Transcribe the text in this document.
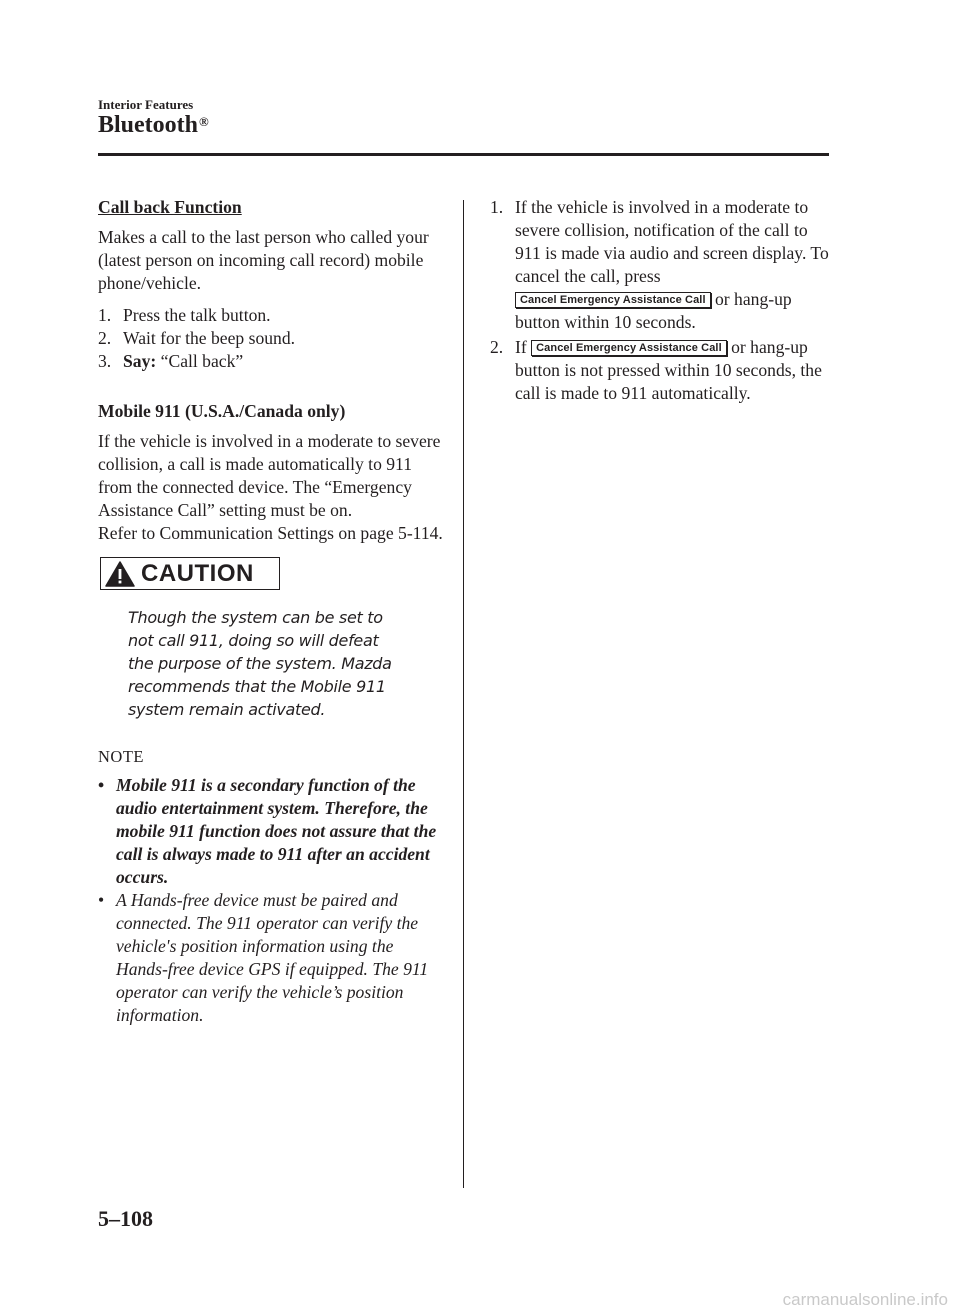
Interior Features
Bluetooth®

Call back Function

Makes a call to the last person who called your (latest person on incoming call record) mobile phone/vehicle.

1. Press the talk button.
2. Wait for the beep sound.
3. Say: “Call back”

Mobile 911 (U.S.A./Canada only)

If the vehicle is involved in a moderate to severe collision, a call is made automatically to 911 from the connected device. The “Emergency Assistance Call” setting must be on.

Refer to Communication Settings on page 5-114.

CAUTION

Though the system can be set to not call 911, doing so will defeat the purpose of the system. Mazda recommends that the Mobile 911 system remain activated.

NOTE

• Mobile 911 is a secondary function of the audio entertainment system. Therefore, the mobile 911 function does not assure that the call is always made to 911 after an accident occurs.
• A Hands-free device must be paired and connected. The 911 operator can verify the vehicle's position information using the Hands-free device GPS if equipped. The 911 operator can verify the vehicle’s position information.
1. If the vehicle is involved in a moderate to severe collision, notification of the call to 911 is made via audio and screen display. To cancel the call, press
Cancel Emergency Assistance Call or hang-up button within 10 seconds.
2. If Cancel Emergency Assistance Call or hang-up button is not pressed within 10 seconds, the call is made to 911 automatically.
5–108
carmanualsonline.info
